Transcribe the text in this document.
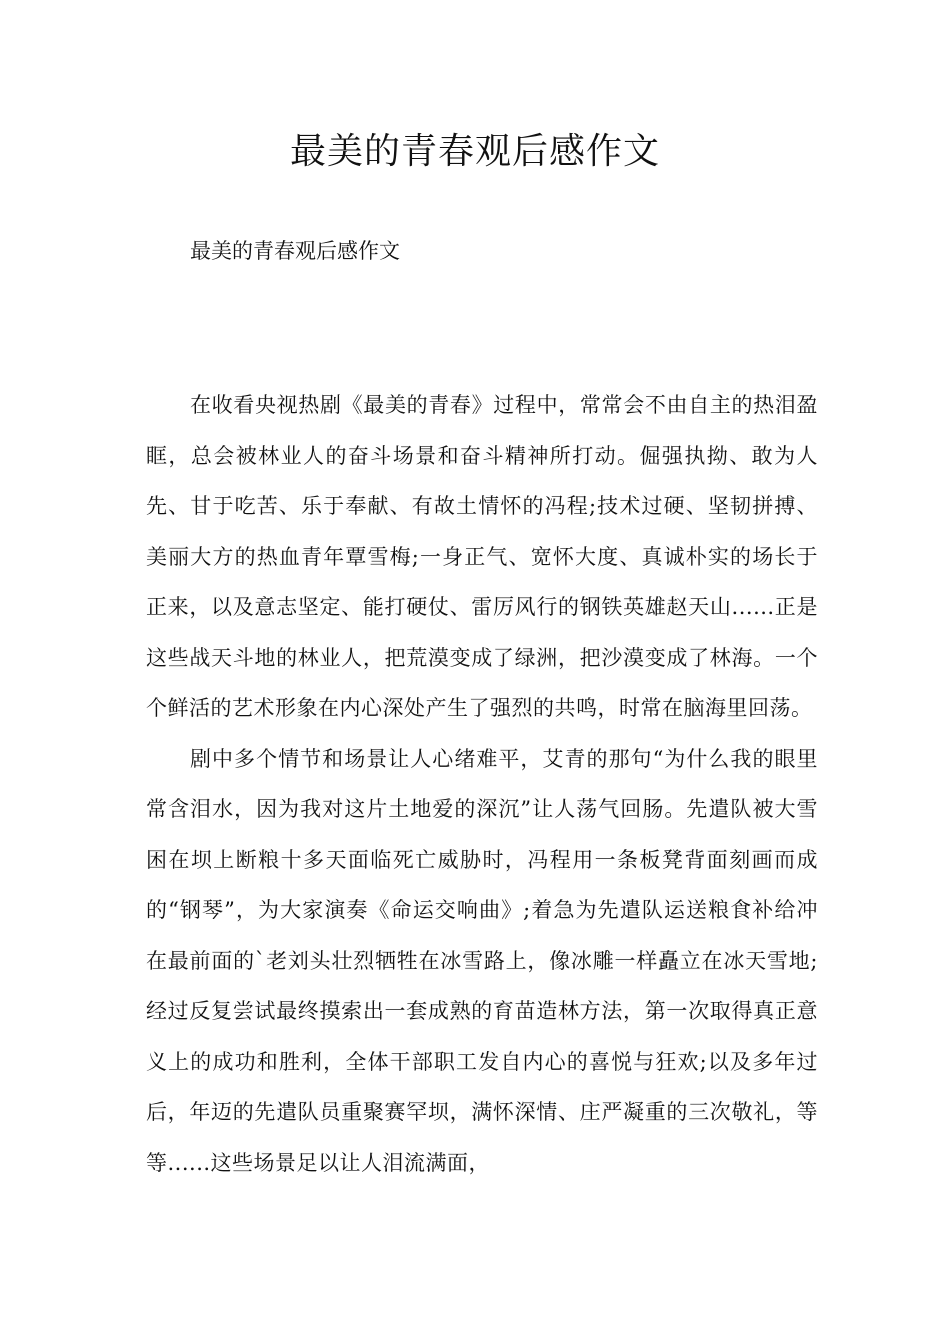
最美的青春观后感作文

最美的青春观后感作文

在收看央视热剧《最美的青春》过程中，常常会不由自主的热泪盈眶，总会被林业人的奋斗场景和奋斗精神所打动。倔强执拗、敢为人先、甘于吃苦、乐于奉献、有故土情怀的冯程;技术过硬、坚韧拼搏、美丽大方的热血青年覃雪梅;一身正气、宽怀大度、真诚朴实的场长于正来，以及意志坚定、能打硬仗、雷厉风行的钢铁英雄赵天山......正是这些战天斗地的林业人，把荒漠变成了绿洲，把沙漠变成了林海。一个个鲜活的艺术形象在内心深处产生了强烈的共鸣，时常在脑海里回荡。

剧中多个情节和场景让人心绪难平，艾青的那句“为什么我的眼里常含泪水，因为我对这片土地爱的深沉”让人荡气回肠。先遣队被大雪困在坝上断粮十多天面临死亡威胁时，冯程用一条板凳背面刻画而成的“钢琴”，为大家演奏《命运交响曲》;着急为先遣队运送粮食补给冲在最前面的`老刘头壮烈牺牲在冰雪路上，像冰雕一样矗立在冰天雪地;经过反复尝试最终摸索出一套成熟的育苗造林方法，第一次取得真正意义上的成功和胜利，全体干部职工发自内心的喜悦与狂欢;以及多年过后，年迈的先遣队员重聚赛罕坝，满怀深情、庄严凝重的三次敬礼，等等......这些场景足以让人泪流满面，
